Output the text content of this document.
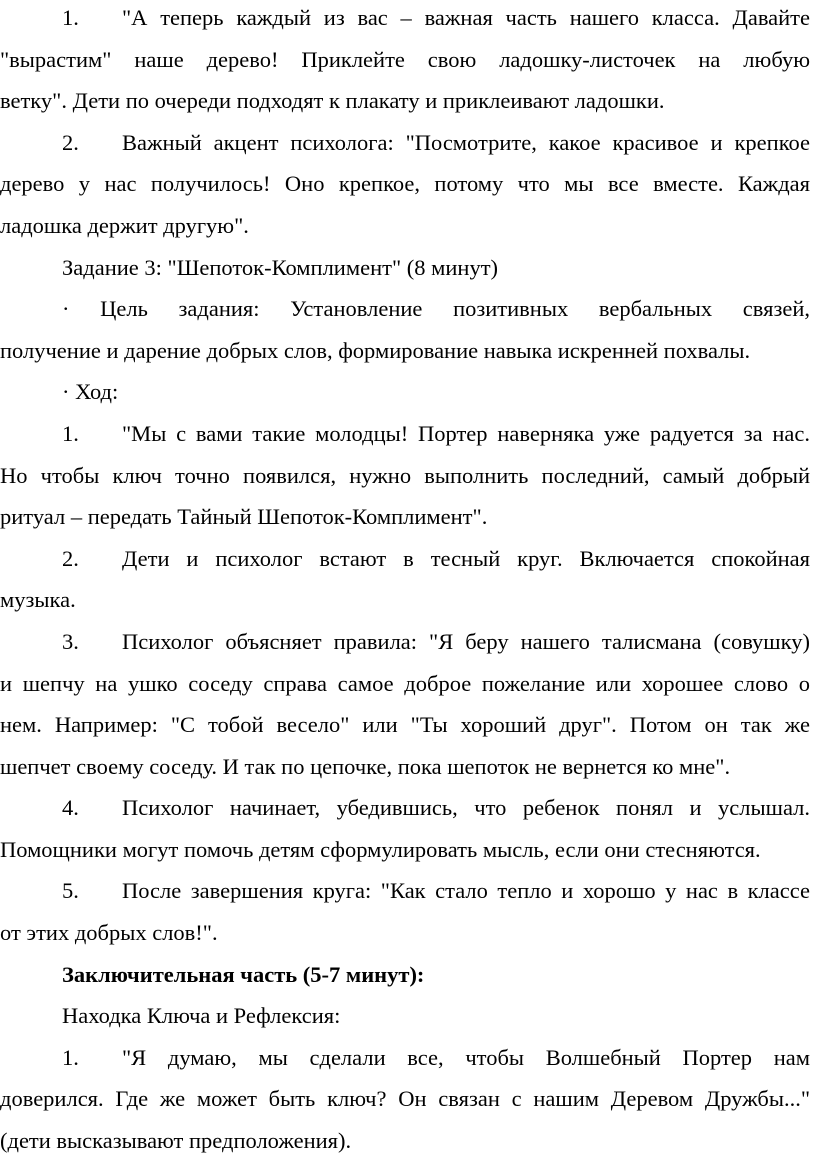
1. "А теперь каждый из вас – важная часть нашего класса. Давайте
"вырастим" наше дерево! Приклейте свою ладошку-листочек на любую
ветку". Дети по очереди подходят к плакату и приклеивают ладошки.
2. Важный акцент психолога: "Посмотрите, какое красивое и крепкое
дерево у нас получилось! Оно крепкое, потому что мы все вместе. Каждая
ладошка держит другую".
Задание 3: "Шепоток-Комплимент" (8 минут)
· Цель задания: Установление позитивных вербальных связей,
получение и дарение добрых слов, формирование навыка искренней похвалы.
· Ход:
1. "Мы с вами такие молодцы! Портер наверняка уже радуется за нас.
Но чтобы ключ точно появился, нужно выполнить последний, самый добрый
ритуал – передать Тайный Шепоток-Комплимент".
2. Дети и психолог встают в тесный круг. Включается спокойная
музыка.
3. Психолог объясняет правила: "Я беру нашего талисмана (совушку)
и шепчу на ушко соседу справа самое доброе пожелание или хорошее слово о
нем. Например: "С тобой весело" или "Ты хороший друг". Потом он так же
шепчет своему соседу. И так по цепочке, пока шепоток не вернется ко мне".
4. Психолог начинает, убедившись, что ребенок понял и услышал.
Помощники могут помочь детям сформулировать мысль, если они стесняются.
5. После завершения круга: "Как стало тепло и хорошо у нас в классе
от этих добрых слов!".
Заключительная часть (5-7 минут):
Находка Ключа и Рефлексия:
1. "Я думаю, мы сделали все, чтобы Волшебный Портер нам
доверился. Где же может быть ключ? Он связан с нашим Деревом Дружбы..."
(дети высказывают предположения).
